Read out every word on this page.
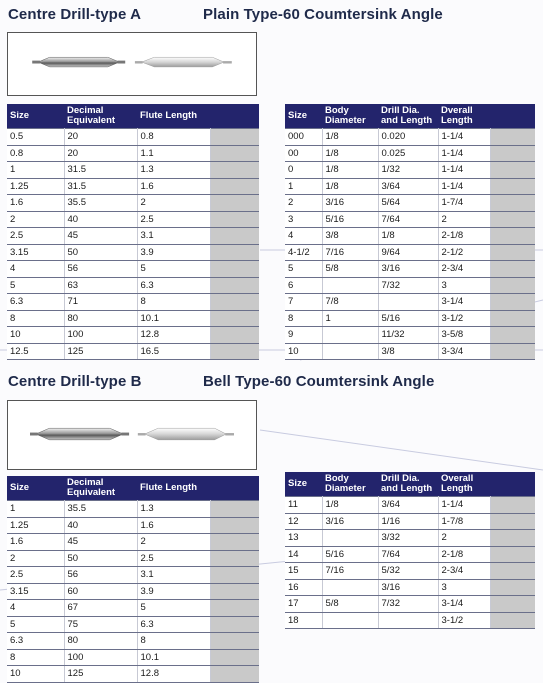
Centre Drill-type A	Plain Type-60 Coumtersink Angle
Centre Drill-type B	Bell Type-60 Coumtersink Angle
Size	Decimal Equivalent	Flute Length	
0.5	20	0.8	
0.8	20	1.1	
1	31.5	1.3	
1.25	31.5	1.6	
1.6	35.5	2	
2	40	2.5	
2.5	45	3.1	
3.15	50	3.9	
4	56	5	
5	63	6.3	
6.3	71	8	
8	80	10.1	
10	100	12.8	
12.5	125	16.5	
Size	Body Diameter	Drill Dia. and Length	Dverall Length	
000	1/8	0.020	1-1/4	
00	1/8	0.025	1-1/4	
0	1/8	1/32	1-1/4	
1	1/8	3/64	1-1/4	
2	3/16	5/64	1-7/4	
3	5/16	7/64	2	
4	3/8	1/8	2-1/8	
4-1/2	7/16	9/64	2-1/2	
5	5/8	3/16	2-3/4	
6		7/32	3	
7	7/8		3-1/4	
8	1	5/16	3-1/2	
9		11/32	3-5/8	
10		3/8	3-3/4	
Size	Decimal Equivalent	Flute Length	
1	35.5	1.3	
1.25	40	1.6	
1.6	45	2	
2	50	2.5	
2.5	56	3.1	
3.15	60	3.9	
4	67	5	
5	75	6.3	
6.3	80	8	
8	100	10.1	
10	125	12.8	
Size	Body Diameter	Drill Dia. and Length	Overall Length	
11	1/8	3/64	1-1/4	
12	3/16	1/16	1-7/8	
13		3/32	2	
14	5/16	7/64	2-1/8	
15	7/16	5/32	2-3/4	
16		3/16	3	
17	5/8	7/32	3-1/4	
18			3-1/2	
